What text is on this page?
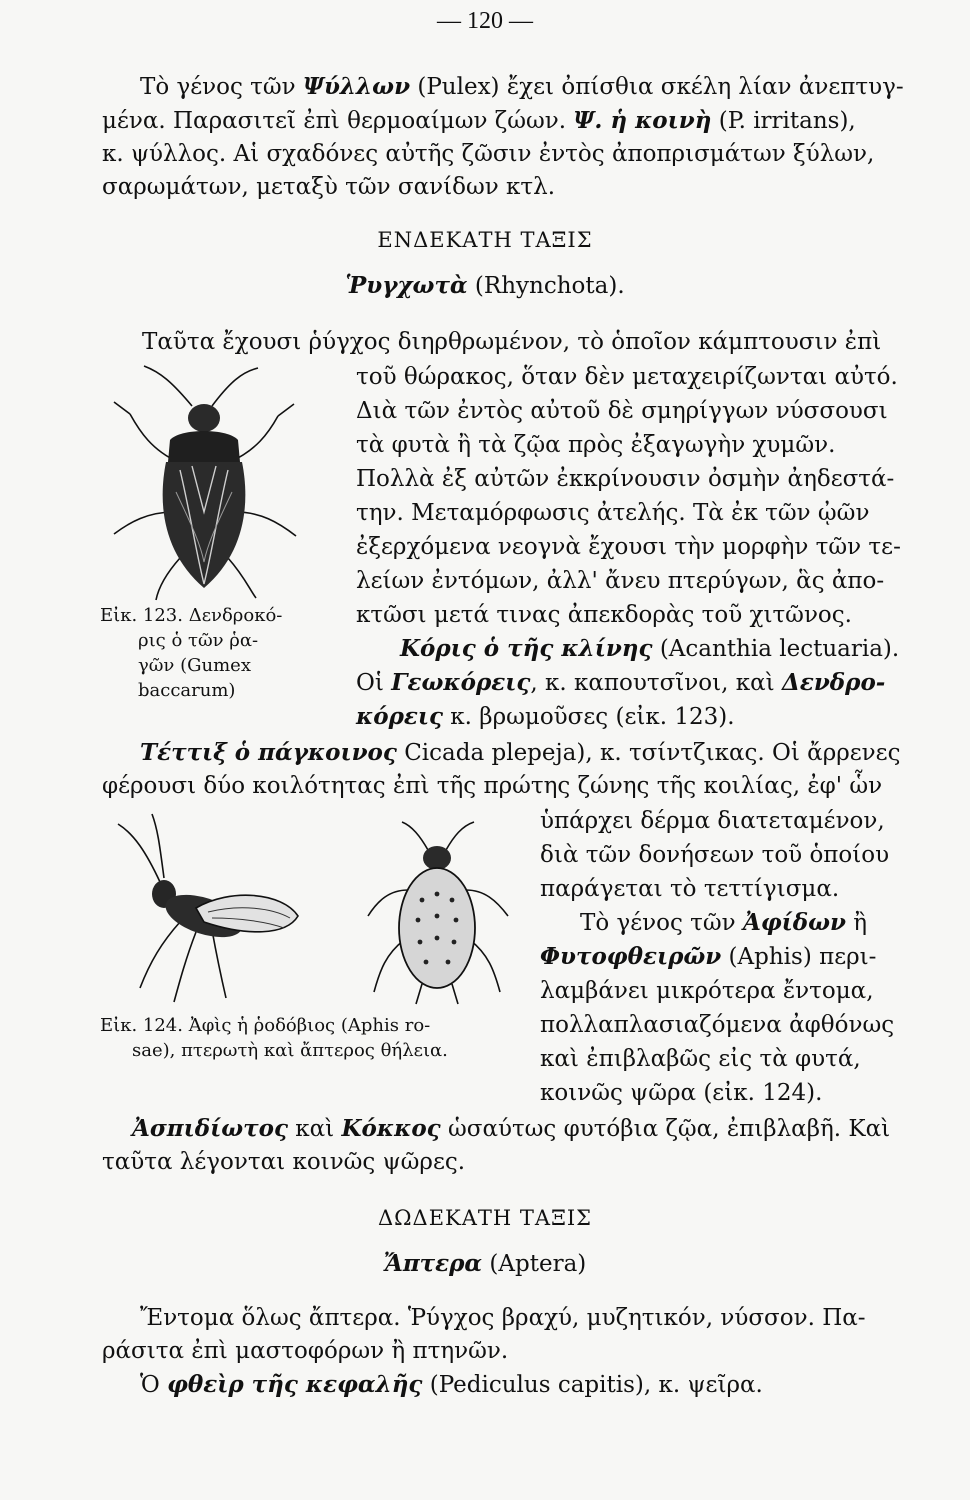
— 120 —
Τὸ γένος τῶν Ψύλλων (Pulex) ἔχει ὀπίσθια σκέλη λίαν ἀνεπτυγ-
μένα. Παρασιτεῖ ἐπὶ θερμοαίμων ζώων. Ψ. ἡ κοινὴ (P. irritans),
κ. ψύλλος. Αἱ σχαδόνες αὐτῆς ζῶσιν ἐντὸς ἀποπρισμάτων ξύλων,
σαρωμάτων, μεταξὺ τῶν σανίδων κτλ.
ΕΝΔΕΚΑΤΗ ΤΑΞΙΣ
Ῥυγχωτὰ (Rhynchota).
Ταῦτα ἔχουσι ῥύγχος διηρθρωμένον, τὸ ὁποῖον κάμπτουσιν ἐπὶ
τοῦ θώρακος, ὅταν δὲν μεταχειρίζωνται αὐτό.
Διὰ τῶν ἐντὸς αὐτοῦ δὲ σμηρίγγων νύσσουσι
τὰ φυτὰ ἢ τὰ ζῷα πρὸς ἐξαγωγὴν χυμῶν.
Πολλὰ ἐξ αὐτῶν ἐκκρίνουσιν ὀσμὴν ἀηδεστά-
την. Μεταμόρφωσις ἀτελής. Τὰ ἐκ τῶν ᾠῶν
ἐξερχόμενα νεογνὰ ἔχουσι τὴν μορφὴν τῶν τε-
λείων ἐντόμων, ἀλλ' ἄνευ πτερύγων, ἃς ἀπο-
κτῶσι μετά τινας ἀπεκδορὰς τοῦ χιτῶνος.
Κόρις ὁ τῆς κλίνης (Acanthia lectuaria).
Οἱ Γεωκόρεις, κ. καπουτσῖνοι, καὶ Δενδρο-
κόρεις κ. βρωμοῦσες (εἰκ. 123).
Εἰκ. 123. Δενδροκό-
ρις ὁ τῶν ῥα-
γῶν (Gumex
baccarum)
Τέττιξ ὁ πάγκοινος Cicada plepeja), κ. τσίντζικας. Οἱ ἄρρενες
φέρουσι δύο κοιλότητας ἐπὶ τῆς πρώτης ζώνης τῆς κοιλίας, ἐφ' ὧν
ὑπάρχει δέρμα διατεταμένον,
διὰ τῶν δονήσεων τοῦ ὁποίου
παράγεται τὸ τεττίγισμα.
Τὸ γένος τῶν Ἀφίδων ἢ
Φυτοφθειρῶν (Aphis) περι-
λαμβάνει μικρότερα ἔντομα,
πολλαπλασιαζόμενα ἀφθόνως
καὶ ἐπιβλαβῶς εἰς τὰ φυτά,
κοινῶς ψῶρα (εἰκ. 124).
Εἰκ. 124. Ἀφὶς ἡ ῥοδόβιος (Aphis ro-
sae), πτερωτὴ καὶ ἄπτερος θήλεια.
Ἀσπιδίωτος καὶ Κόκκος ὡσαύτως φυτόβια ζῷα, ἐπιβλαβῆ. Καὶ
ταῦτα λέγονται κοινῶς ψῶρες.
ΔΩΔΕΚΑΤΗ ΤΑΞΙΣ
Ἄπτερα (Aptera)
Ἔντομα ὅλως ἄπτερα. Ῥύγχος βραχύ, μυζητικόν, νύσσον. Πα-
ράσιτα ἐπὶ μαστοφόρων ἢ πτηνῶν.
Ὁ φθεὶρ τῆς κεφαλῆς (Pediculus capitis), κ. ψεῖρα.
